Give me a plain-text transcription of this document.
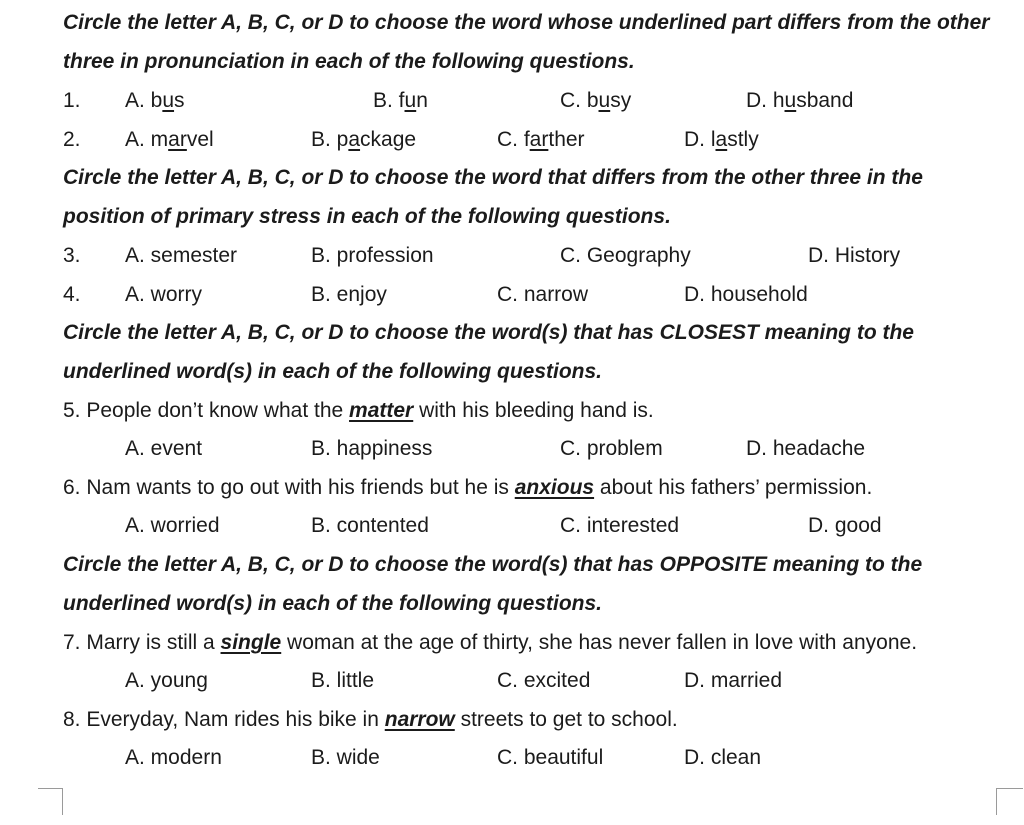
Circle the letter A, B, C, or D to choose the word whose underlined part differs from the other
three in pronunciation in each of the following questions.
1. A. bus	B. fun	C. busy	D. husband
2. A. marvel	B. package	C. farther	D. lastly
Circle the letter A, B, C, or D to choose the word that differs from the other three in the
position of primary stress in each of the following questions.
3. A. semester	B. profession	C. Geography	D. History
4. A. worry	B. enjoy	C. narrow	D. household
Circle the letter A, B, C, or D to choose the word(s) that has CLOSEST meaning to the
underlined word(s) in each of the following questions.
5. People don’t know what the matter with his bleeding hand is.
A. event	B. happiness	C. problem	D. headache
6. Nam wants to go out with his friends but he is anxious about his fathers’ permission.
A. worried	B. contented	C. interested	D. good
Circle the letter A, B, C, or D to choose the word(s) that has OPPOSITE meaning to the
underlined word(s) in each of the following questions.
7. Marry is still a single woman at the age of thirty, she has never fallen in love with anyone.
A. young	B. little	C. excited	D. married
8. Everyday, Nam rides his bike in narrow streets to get to school.
A. modern	B. wide	C. beautiful	D. clean
